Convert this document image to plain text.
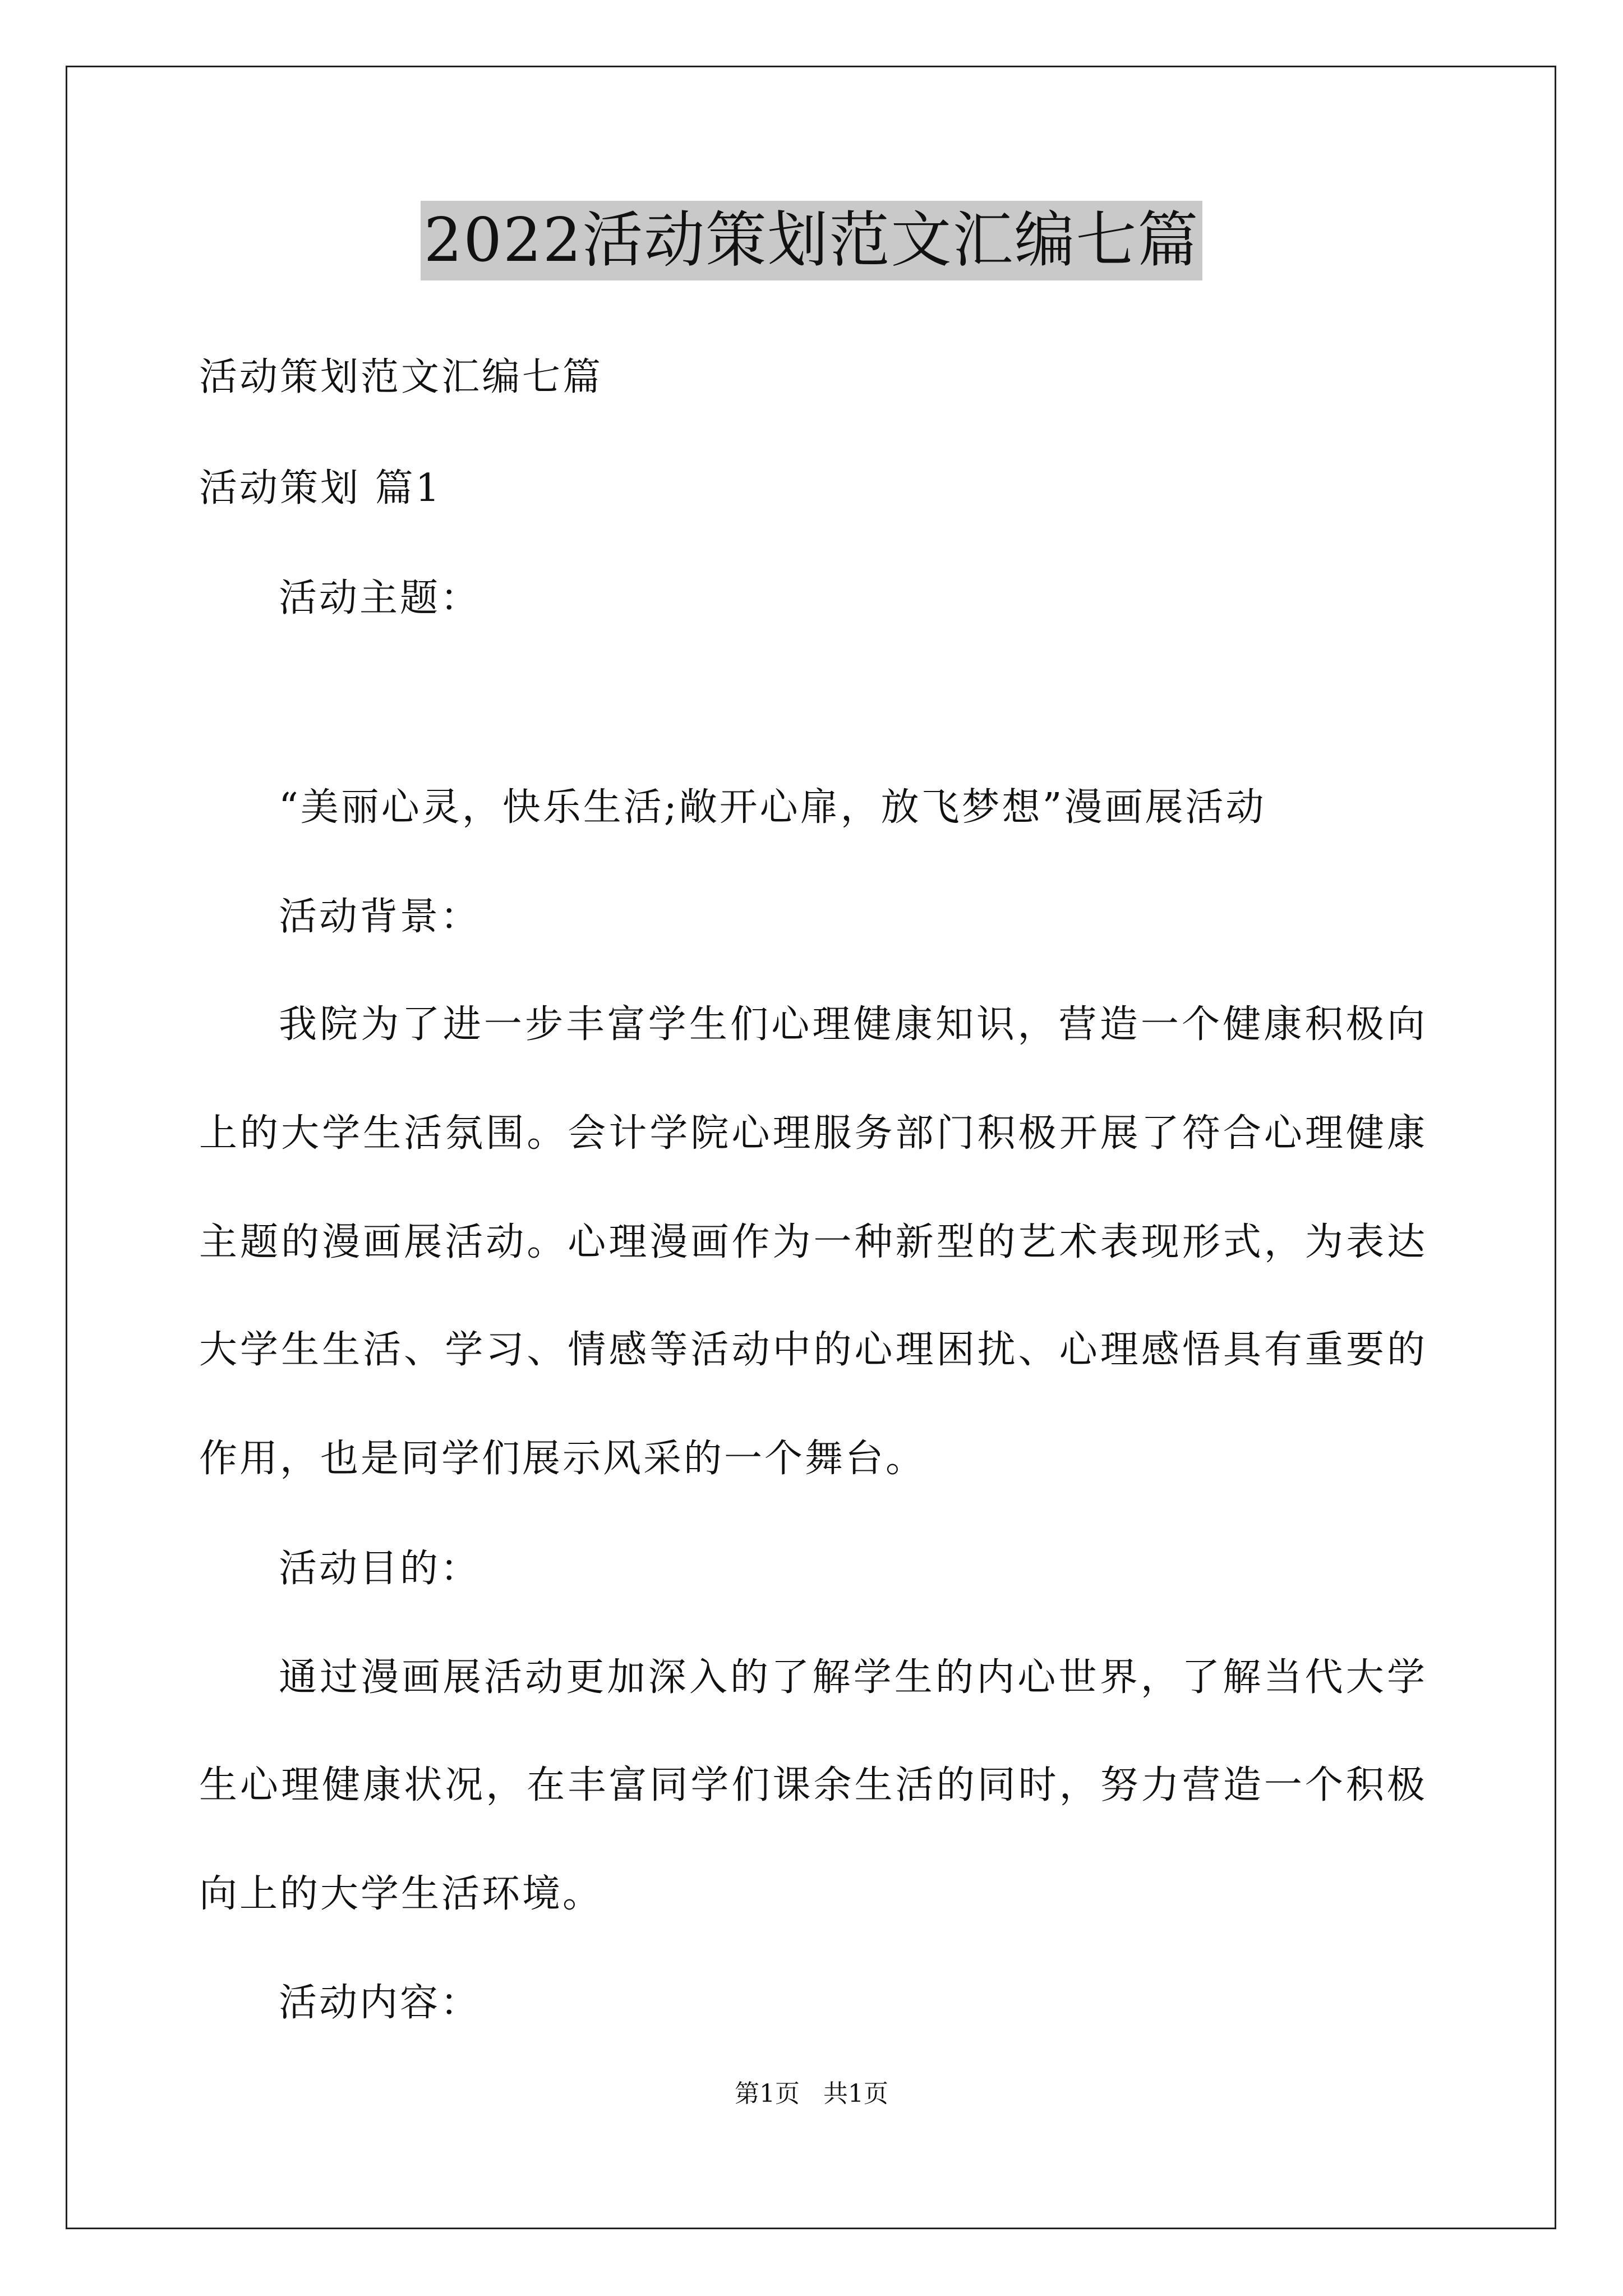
2022活动策划范文汇编七篇
活动策划范文汇编七篇
活动策划 篇1
活动主题：
“美丽心灵，快乐生活;敞开心扉，放飞梦想”漫画展活动
活动背景：
我院为了进一步丰富学生们心理健康知识，营造一个健康积极向
上的大学生活氛围。会计学院心理服务部门积极开展了符合心理健康
主题的漫画展活动。心理漫画作为一种新型的艺术表现形式，为表达
大学生生活、学习、情感等活动中的心理困扰、心理感悟具有重要的
作用，也是同学们展示风采的一个舞台。
活动目的：
通过漫画展活动更加深入的了解学生的内心世界，了解当代大学
生心理健康状况，在丰富同学们课余生活的同时，努力营造一个积极
向上的大学生活环境。
活动内容：
第1页 共1页
